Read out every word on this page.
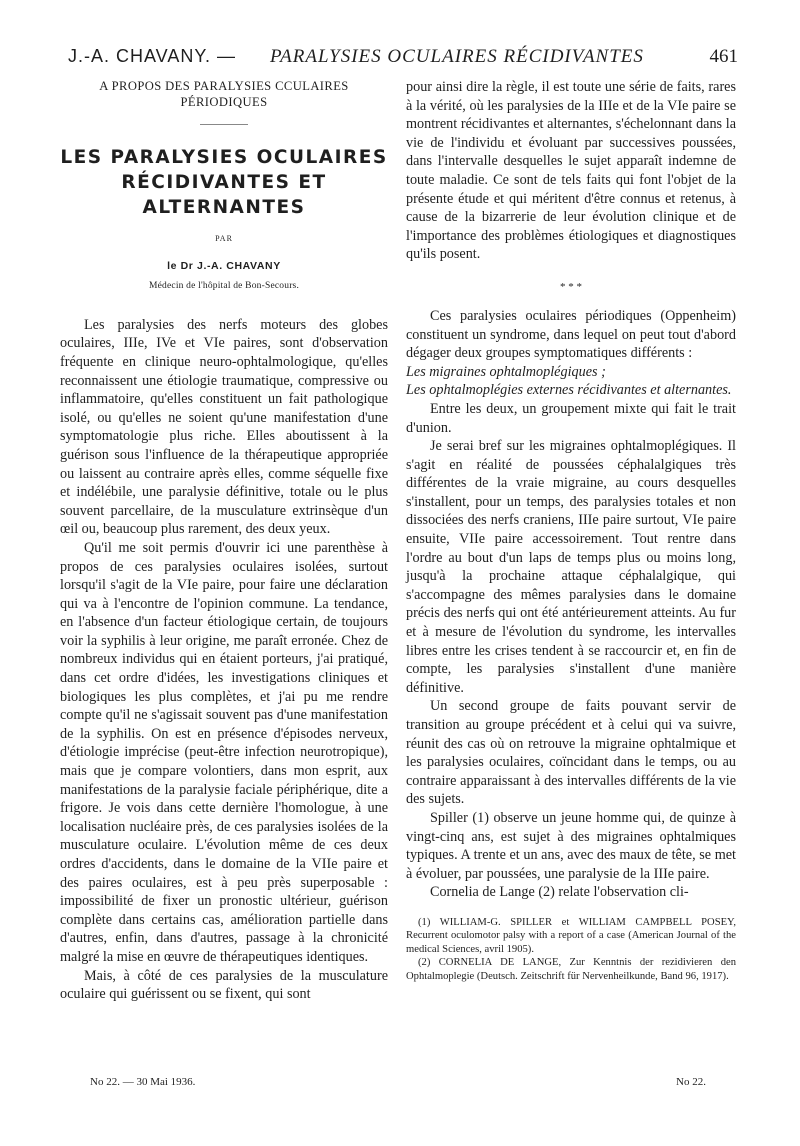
J.-A. CHAVANY. — PARALYSIES OCULAIRES RÉCIDIVANTES	461
A PROPOS DES PARALYSIES CCULAIRES PÉRIODIQUES
LES PARALYSIES OCULAIRES RÉCIDIVANTES ET ALTERNANTES
PAR
le Dr J.-A. CHAVANY
Médecin de l'hôpital de Bon-Secours.

Les paralysies des nerfs moteurs des globes oculaires, IIIe, IVe et VIe paires, sont d'observation fréquente en clinique neuro-ophtalmologique, qu'elles reconnaissent une étiologie traumatique, compressive ou inflammatoire, qu'elles constituent un fait pathologique isolé, ou qu'elles ne soient qu'une manifestation d'une symptomatologie plus riche. Elles aboutissent à la guérison sous l'influence de la thérapeutique appropriée ou laissent au contraire après elles, comme séquelle fixe et indélébile, une paralysie définitive, totale ou le plus souvent parcellaire, de la musculature extrinsèque d'un œil ou, beaucoup plus rarement, des deux yeux.

Qu'il me soit permis d'ouvrir ici une parenthèse à propos de ces paralysies oculaires isolées, surtout lorsqu'il s'agit de la VIe paire, pour faire une déclaration qui va à l'encontre de l'opinion commune. La tendance, en l'absence d'un facteur étiologique certain, de toujours voir la syphilis à leur origine, me paraît erronée. Chez de nombreux individus qui en étaient porteurs, j'ai pratiqué, dans cet ordre d'idées, les investigations cliniques et biologiques les plus complètes, et j'ai pu me rendre compte qu'il ne s'agissait souvent pas d'une manifestation de la syphilis. On est en présence d'épisodes nerveux, d'étiologie imprécise (peut-être infection neurotropique), mais que je compare volontiers, dans mon esprit, aux manifestations de la paralysie faciale périphérique, dite a frigore. Je vois dans cette dernière l'homologue, à une localisation nucléaire près, de ces paralysies isolées de la musculature oculaire. L'évolution même de ces deux ordres d'accidents, dans le domaine de la VIIe paire et des paires oculaires, est à peu près superposable : impossibilité de fixer un pronostic ultérieur, guérison complète dans certains cas, amélioration partielle dans d'autres, enfin, dans d'autres, passage à la chronicité malgré la mise en œuvre de thérapeutiques identiques.

Mais, à côté de ces paralysies de la musculature oculaire qui guérissent ou se fixent, qui sont

pour ainsi dire la règle, il est toute une série de faits, rares à la vérité, où les paralysies de la IIIe et de la VIe paire se montrent récidivantes et alternantes, s'échelonnant dans la vie de l'individu et évoluant par successives poussées, dans l'intervalle desquelles le sujet apparaît indemne de toute maladie. Ce sont de tels faits qui font l'objet de la présente étude et qui méritent d'être connus et retenus, à cause de la bizarrerie de leur évolution clinique et de l'importance des problèmes étiologiques et diagnostiques qu'ils posent.

* * *

Ces paralysies oculaires périodiques (Oppenheim) constituent un syndrome, dans lequel on peut tout d'abord dégager deux groupes symptomatiques différents :

Les migraines ophtalmoplégiques ;

Les ophtalmoplégies externes récidivantes et alternantes.

Entre les deux, un groupement mixte qui fait le trait d'union.

Je serai bref sur les migraines ophtalmoplégiques. Il s'agit en réalité de poussées céphalalgiques très différentes de la vraie migraine, au cours desquelles s'installent, pour un temps, des paralysies totales et non dissociées des nerfs craniens, IIIe paire surtout, VIe paire ensuite, VIIe paire accessoirement. Tout rentre dans l'ordre au bout d'un laps de temps plus ou moins long, jusqu'à la prochaine attaque céphalalgique, qui s'accompagne des mêmes paralysies dans le domaine précis des nerfs qui ont été antérieurement atteints. Au fur et à mesure de l'évolution du syndrome, les intervalles libres entre les crises tendent à se raccourcir et, en fin de compte, les paralysies s'installent d'une manière définitive.

Un second groupe de faits pouvant servir de transition au groupe précédent et à celui qui va suivre, réunit des cas où on retrouve la migraine ophtalmique et les paralysies oculaires, coïncidant dans le temps, ou au contraire apparaissant à des intervalles différents de la vie des sujets.

Spiller (1) observe un jeune homme qui, de quinze à vingt-cinq ans, est sujet à des migraines ophtalmiques typiques. A trente et un ans, avec des maux de tête, se met à évoluer, par poussées, une paralysie de la IIIe paire.

Cornelia de Lange (2) relate l'observation cli-

(1) WILLIAM-G. SPILLER et WILLIAM CAMPBELL POSEY, Recurrent oculomotor palsy with a report of a case (American Journal of the medical Sciences, avril 1905).

(2) CORNELIA DE LANGE, Zur Kenntnis der rezidivieren den Ophtalmoplegie (Deutsch. Zeitschrift für Nervenheilkunde, Band 96, 1917).

No 22. — 30 Mai 1936.	No 22.
